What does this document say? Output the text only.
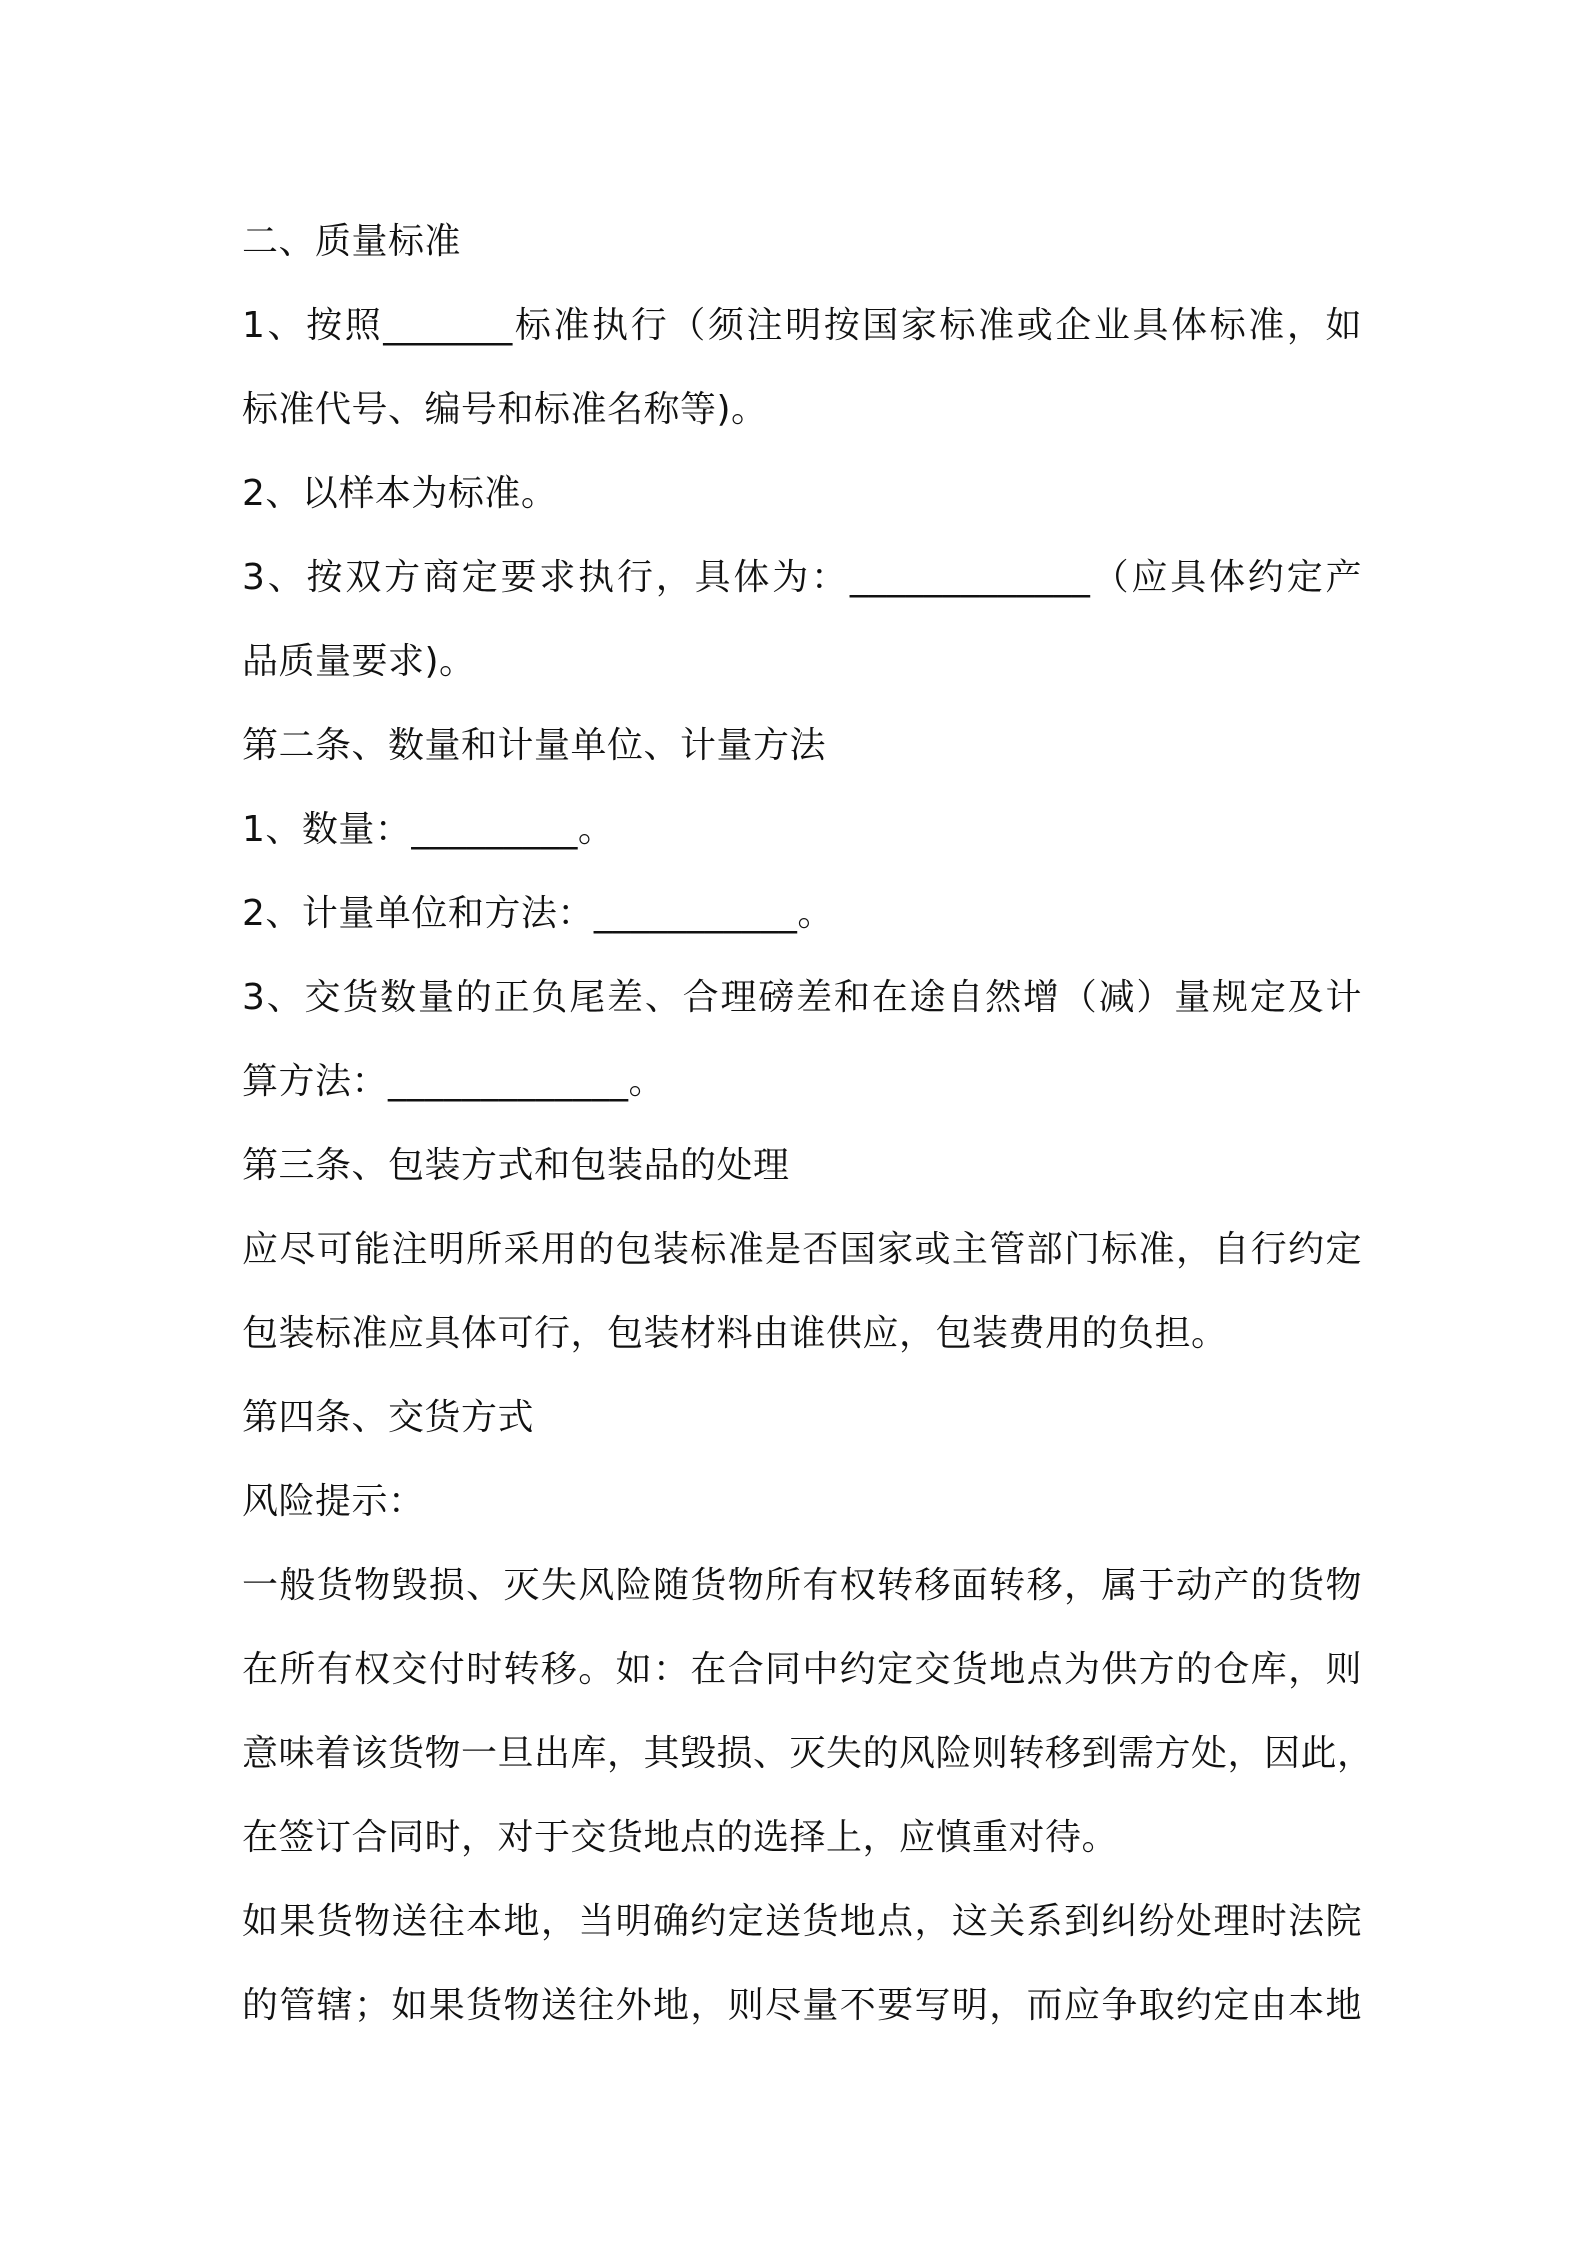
二、质量标准
1、按照_______标准执行（须注明按国家标准或企业具体标准，如
标准代号、编号和标准名称等)。
2、以样本为标准。
3、按双方商定要求执行，具体为：_____________（应具体约定产
品质量要求)。
第二条、数量和计量单位、计量方法
1、数量：_________。
2、计量单位和方法：___________。
3、交货数量的正负尾差、合理磅差和在途自然增（减）量规定及计
算方法：_____________。
第三条、包装方式和包装品的处理
应尽可能注明所采用的包装标准是否国家或主管部门标准，自行约定
包装标准应具体可行，包装材料由谁供应，包装费用的负担。
第四条、交货方式
风险提示：
一般货物毁损、灭失风险随货物所有权转移面转移，属于动产的货物
在所有权交付时转移。如：在合同中约定交货地点为供方的仓库，则
意味着该货物一旦出库，其毁损、灭失的风险则转移到需方处，因此，
在签订合同时，对于交货地点的选择上，应慎重对待。
如果货物送往本地，当明确约定送货地点，这关系到纠纷处理时法院
的管辖；如果货物送往外地，则尽量不要写明，而应争取约定由本地
